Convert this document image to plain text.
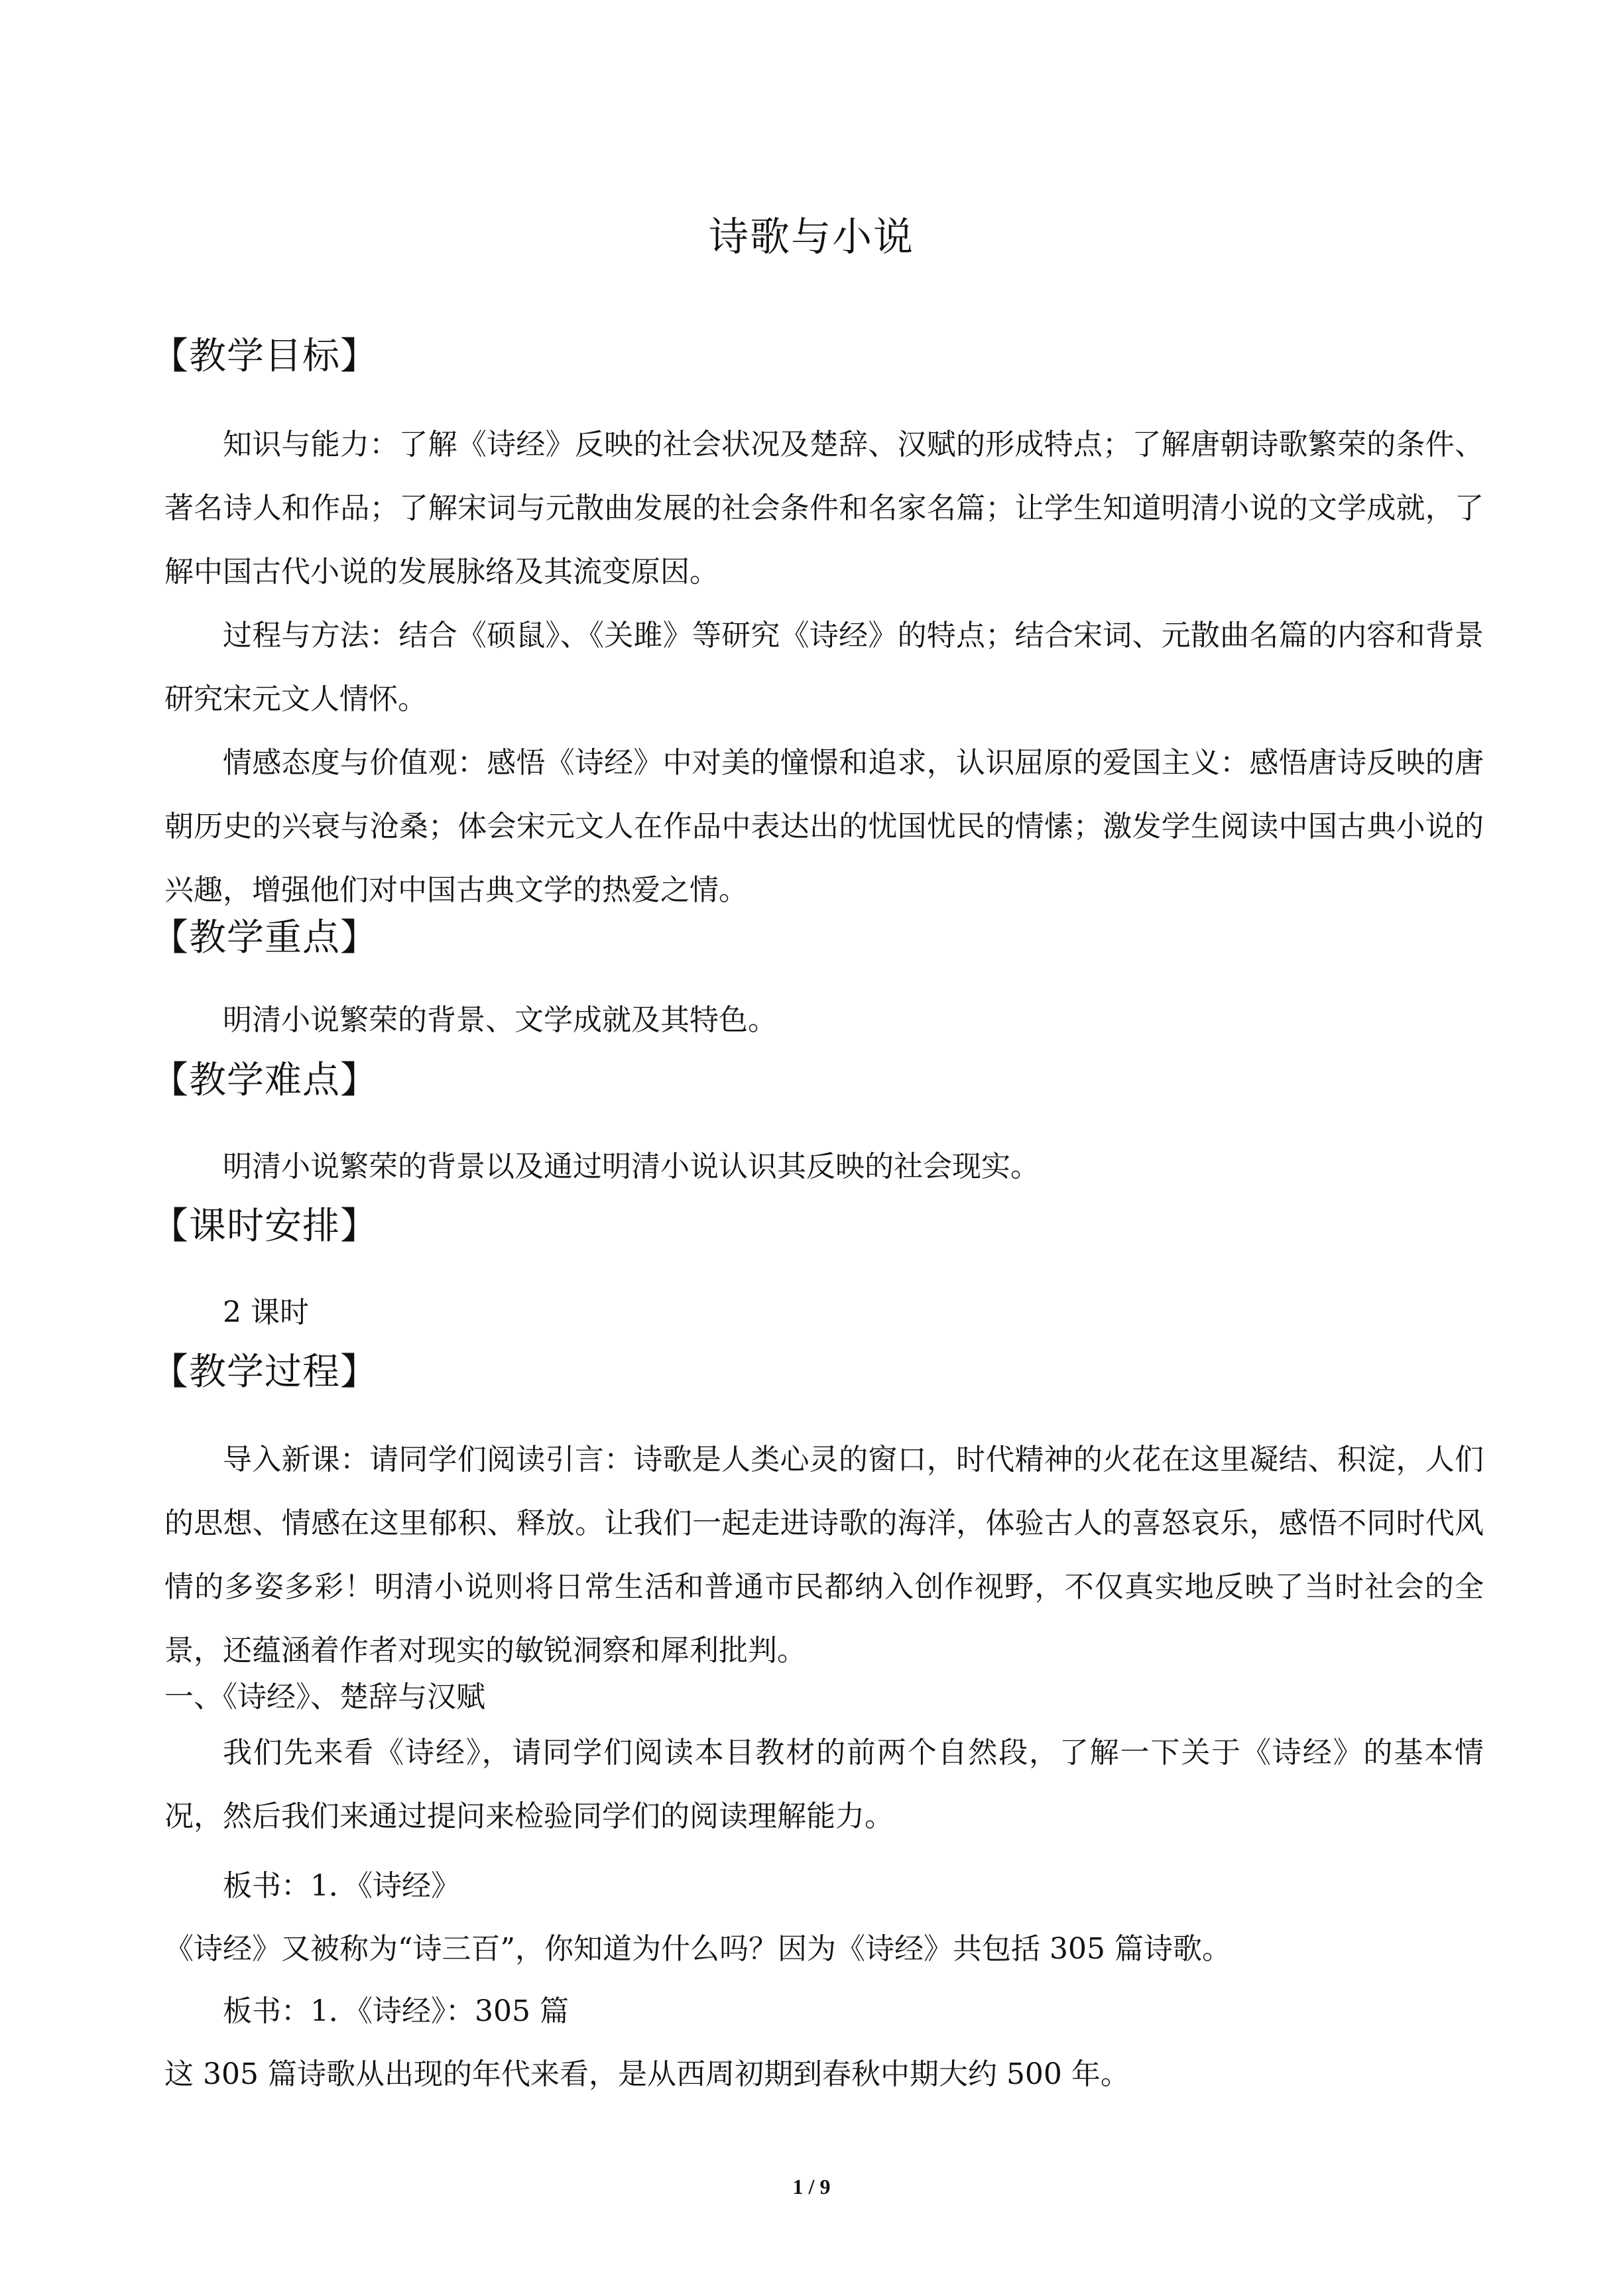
诗歌与小说
【教学目标】

知识与能力：了解《诗经》反映的社会状况及楚辞、汉赋的形成特点；了解唐朝诗歌繁荣的条件、著名诗人和作品；了解宋词与元散曲发展的社会条件和名家名篇；让学生知道明清小说的文学成就，了解中国古代小说的发展脉络及其流变原因。

过程与方法：结合《硕鼠》、《关雎》等研究《诗经》的特点；结合宋词、元散曲名篇的内容和背景研究宋元文人情怀。

情感态度与价值观：感悟《诗经》中对美的憧憬和追求，认识屈原的爱国主义：感悟唐诗反映的唐朝历史的兴衰与沧桑；体会宋元文人在作品中表达出的忧国忧民的情愫；激发学生阅读中国古典小说的兴趣，增强他们对中国古典文学的热爱之情。

【教学重点】
明清小说繁荣的背景、文学成就及其特色。
【教学难点】
明清小说繁荣的背景以及通过明清小说认识其反映的社会现实。
【课时安排】
2 课时
【教学过程】

导入新课：请同学们阅读引言：诗歌是人类心灵的窗口，时代精神的火花在这里凝结、积淀，人们的思想、情感在这里郁积、释放。让我们一起走进诗歌的海洋，体验古人的喜怒哀乐，感悟不同时代风情的多姿多彩！明清小说则将日常生活和普通市民都纳入创作视野，不仅真实地反映了当时社会的全景，还蕴涵着作者对现实的敏锐洞察和犀利批判。

一、《诗经》、楚辞与汉赋

我们先来看《诗经》，请同学们阅读本目教材的前两个自然段，了解一下关于《诗经》的基本情况，然后我们来通过提问来检验同学们的阅读理解能力。

板书：1．《诗经》
《诗经》又被称为“诗三百”，你知道为什么吗？因为《诗经》共包括 305 篇诗歌。
板书：1．《诗经》：305 篇
这 305 篇诗歌从出现的年代来看，是从西周初期到春秋中期大约 500 年。
1 / 9
